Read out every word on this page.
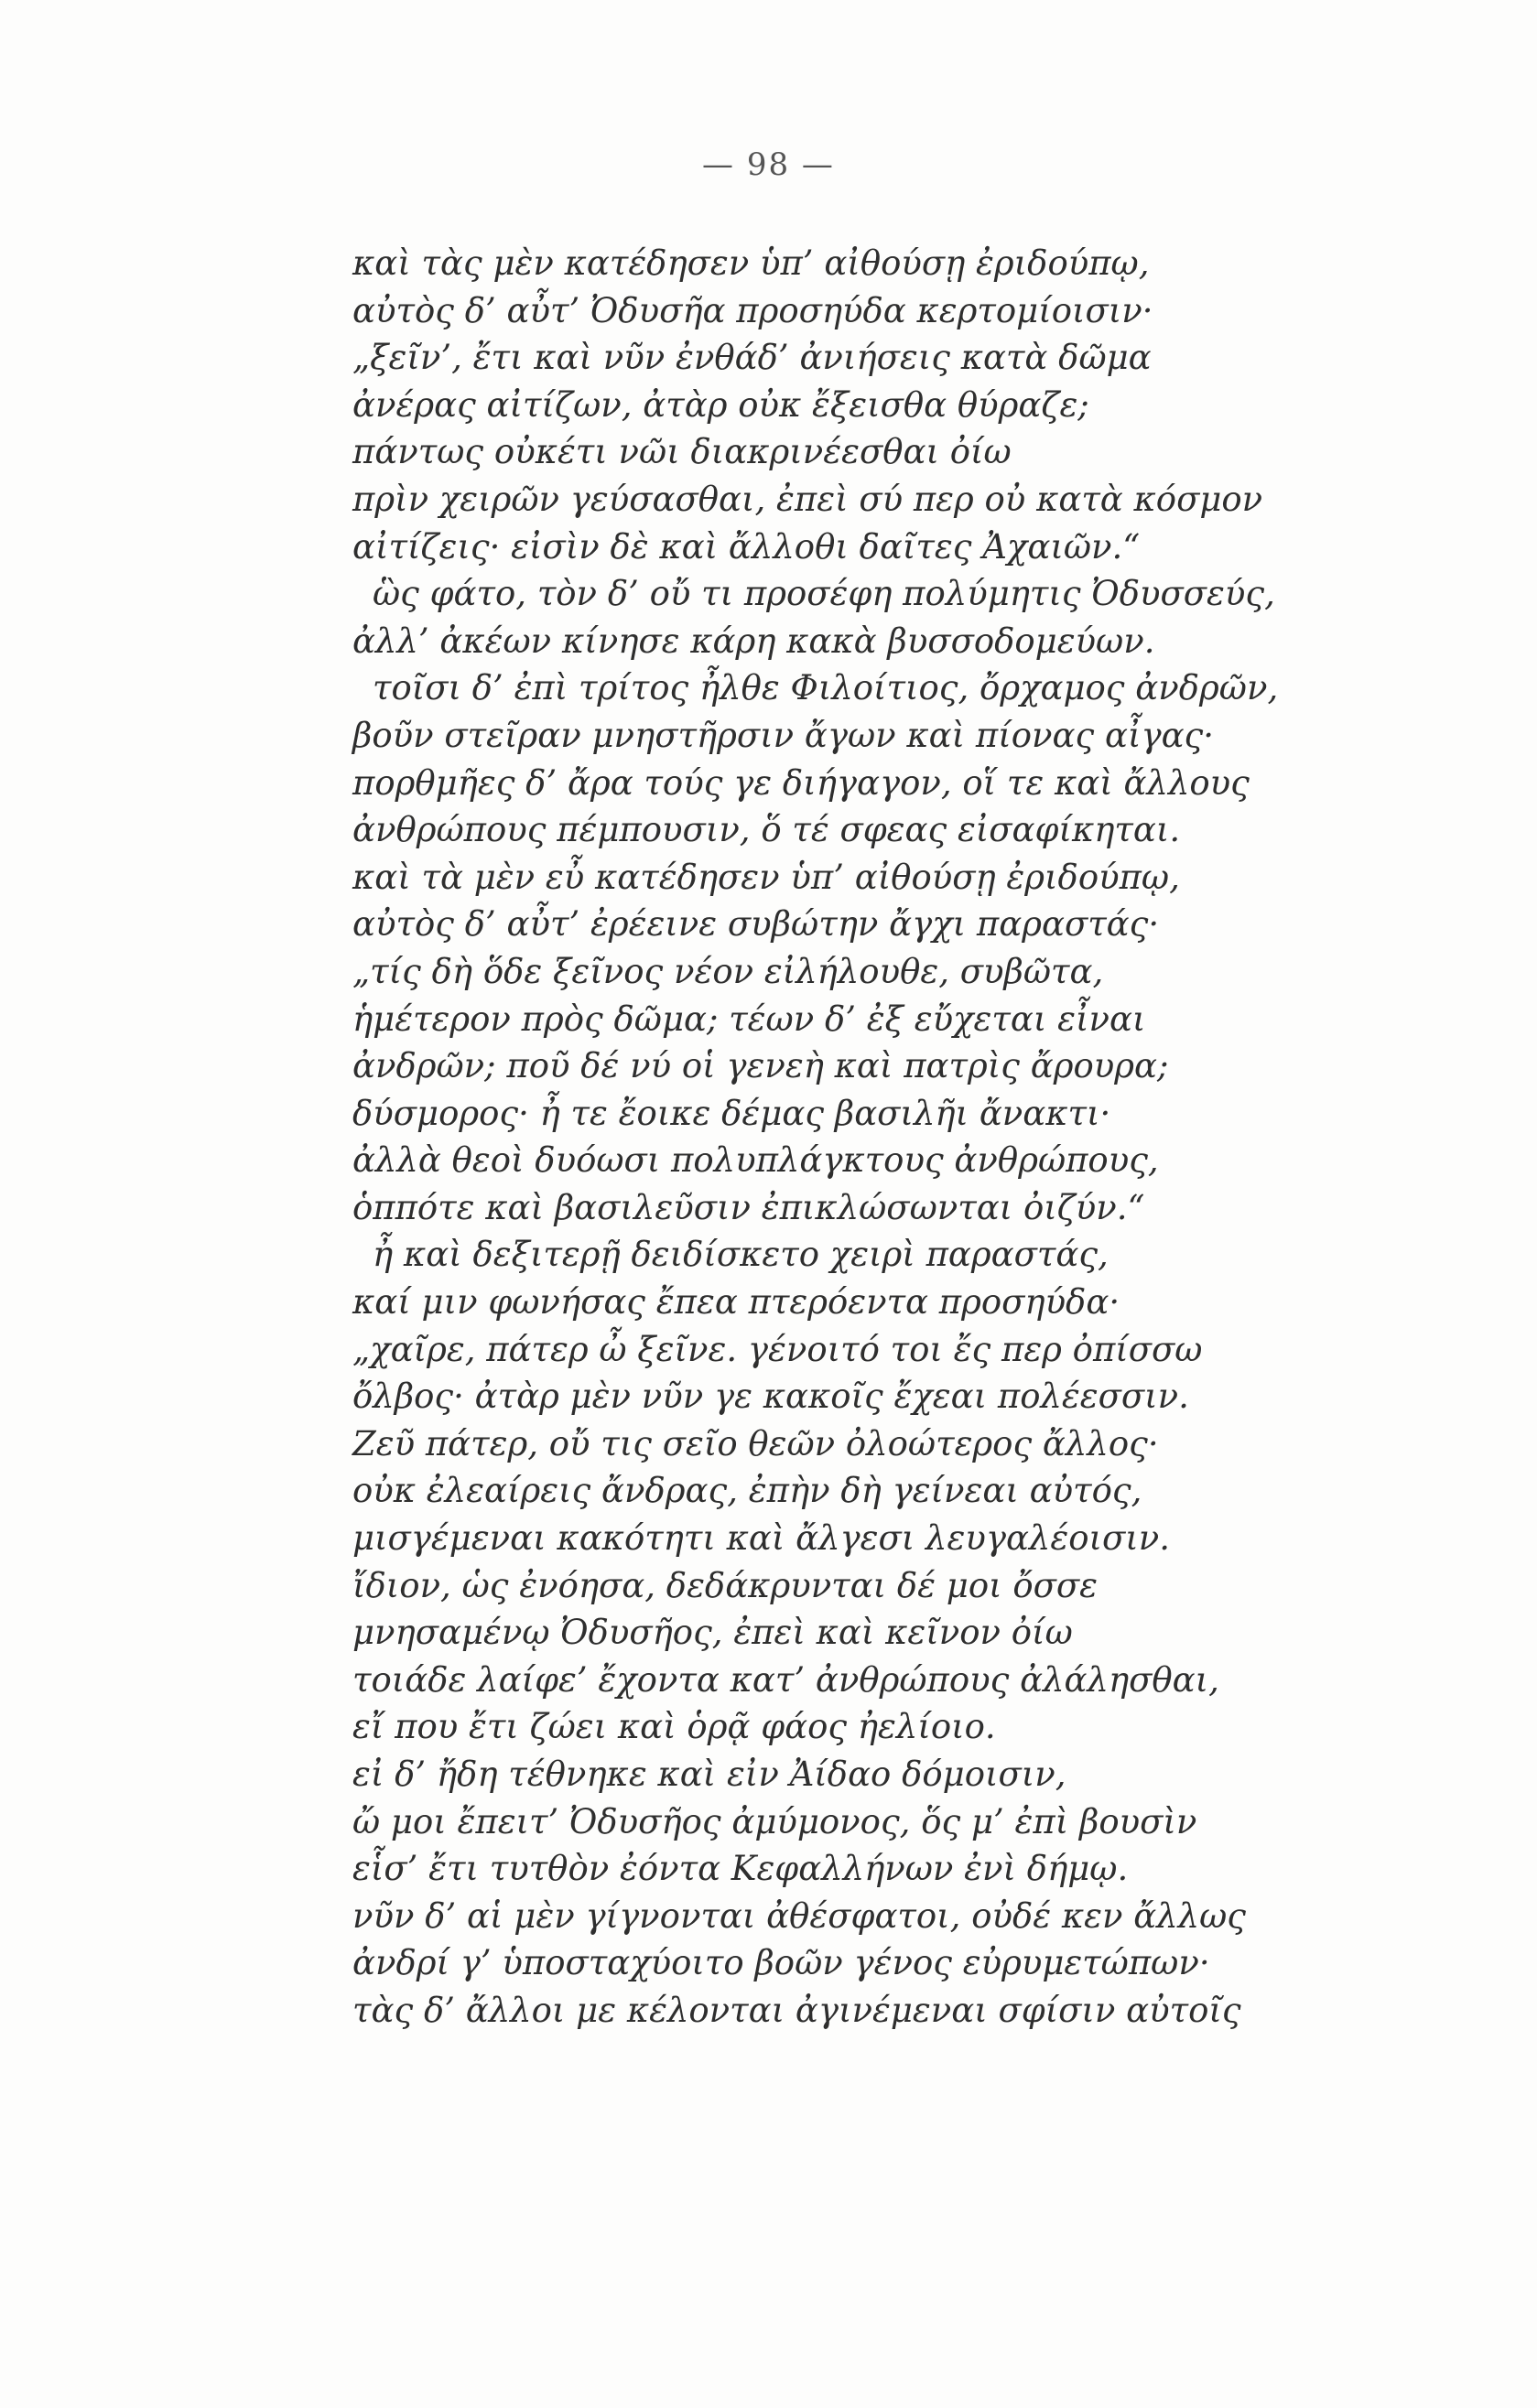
— 98 —
καὶ τὰς μὲν κατέδησεν ὑπ’ αἰθούσῃ ἐριδούπῳ,
αὐτὸς δ’ αὖτ’ Ὀδυσῆα προσηύδα κερτομίοισιν·
„ξεῖν’, ἔτι καὶ νῦν ἐνθάδ’ ἀνιήσεις κατὰ δῶμα
ἀνέρας αἰτίζων, ἀτὰρ οὐκ ἔξεισθα θύραζε;
πάντως οὐκέτι νῶι διακρινέεσθαι ὀίω
πρὶν χειρῶν γεύσασθαι, ἐπεὶ σύ περ οὐ κατὰ κόσμον
αἰτίζεις· εἰσὶν δὲ καὶ ἄλλοθι δαῖτες Ἀχαιῶν.“
ὣς φάτο, τὸν δ’ οὔ τι προσέφη πολύμητις Ὀδυσσεύς,
ἀλλ’ ἀκέων κίνησε κάρη κακὰ βυσσοδομεύων.
τοῖσι δ’ ἐπὶ τρίτος ἦλθε Φιλοίτιος, ὄρχαμος ἀνδρῶν,
βοῦν στεῖραν μνηστῆρσιν ἄγων καὶ πίονας αἶγας·
πορθμῆες δ’ ἄρα τούς γε διήγαγον, οἵ τε καὶ ἄλλους
ἀνθρώπους πέμπουσιν, ὅ τέ σφεας εἰσαφίκηται.
καὶ τὰ μὲν εὖ κατέδησεν ὑπ’ αἰθούσῃ ἐριδούπῳ,
αὐτὸς δ’ αὖτ’ ἐρέεινε συβώτην ἄγχι παραστάς·
„τίς δὴ ὅδε ξεῖνος νέον εἰλήλουθε, συβῶτα,
ἡμέτερον πρὸς δῶμα; τέων δ’ ἐξ εὔχεται εἶναι
ἀνδρῶν; ποῦ δέ νύ οἱ γενεὴ καὶ πατρὶς ἄρουρα;
δύσμορος· ἦ τε ἔοικε δέμας βασιλῆι ἄνακτι·
ἀλλὰ θεοὶ δυόωσι πολυπλάγκτους ἀνθρώπους,
ὁππότε καὶ βασιλεῦσιν ἐπικλώσωνται ὀιζύν.“
ἦ καὶ δεξιτερῇ δειδίσκετο χειρὶ παραστάς,
καί μιν φωνήσας ἔπεα πτερόεντα προσηύδα·
„χαῖρε, πάτερ ὦ ξεῖνε. γένοιτό τοι ἔς περ ὀπίσσω
ὄλβος· ἀτὰρ μὲν νῦν γε κακοῖς ἔχεαι πολέεσσιν.
Ζεῦ πάτερ, οὔ τις σεῖο θεῶν ὀλοώτερος ἄλλος·
οὐκ ἐλεαίρεις ἄνδρας, ἐπὴν δὴ γείνεαι αὐτός,
μισγέμεναι κακότητι καὶ ἄλγεσι λευγαλέοισιν.
ἴδιον, ὡς ἐνόησα, δεδάκρυνται δέ μοι ὄσσε
μνησαμένῳ Ὀδυσῆος, ἐπεὶ καὶ κεῖνον ὀίω
τοιάδε λαίφε’ ἔχοντα κατ’ ἀνθρώπους ἀλάλησθαι,
εἴ που ἔτι ζώει καὶ ὁρᾷ φάος ἠελίοιο.
εἰ δ’ ἤδη τέθνηκε καὶ εἰν Ἀίδαο δόμοισιν,
ὤ μοι ἔπειτ’ Ὀδυσῆος ἀμύμονος, ὅς μ’ ἐπὶ βουσὶν
εἷσ’ ἔτι τυτθὸν ἐόντα Κεφαλλήνων ἐνὶ δήμῳ.
νῦν δ’ αἱ μὲν γίγνονται ἀθέσφατοι, οὐδέ κεν ἄλλως
ἀνδρί γ’ ὑποσταχύοιτο βοῶν γένος εὐρυμετώπων·
τὰς δ’ ἄλλοι με κέλονται ἀγινέμεναι σφίσιν αὐτοῖς
